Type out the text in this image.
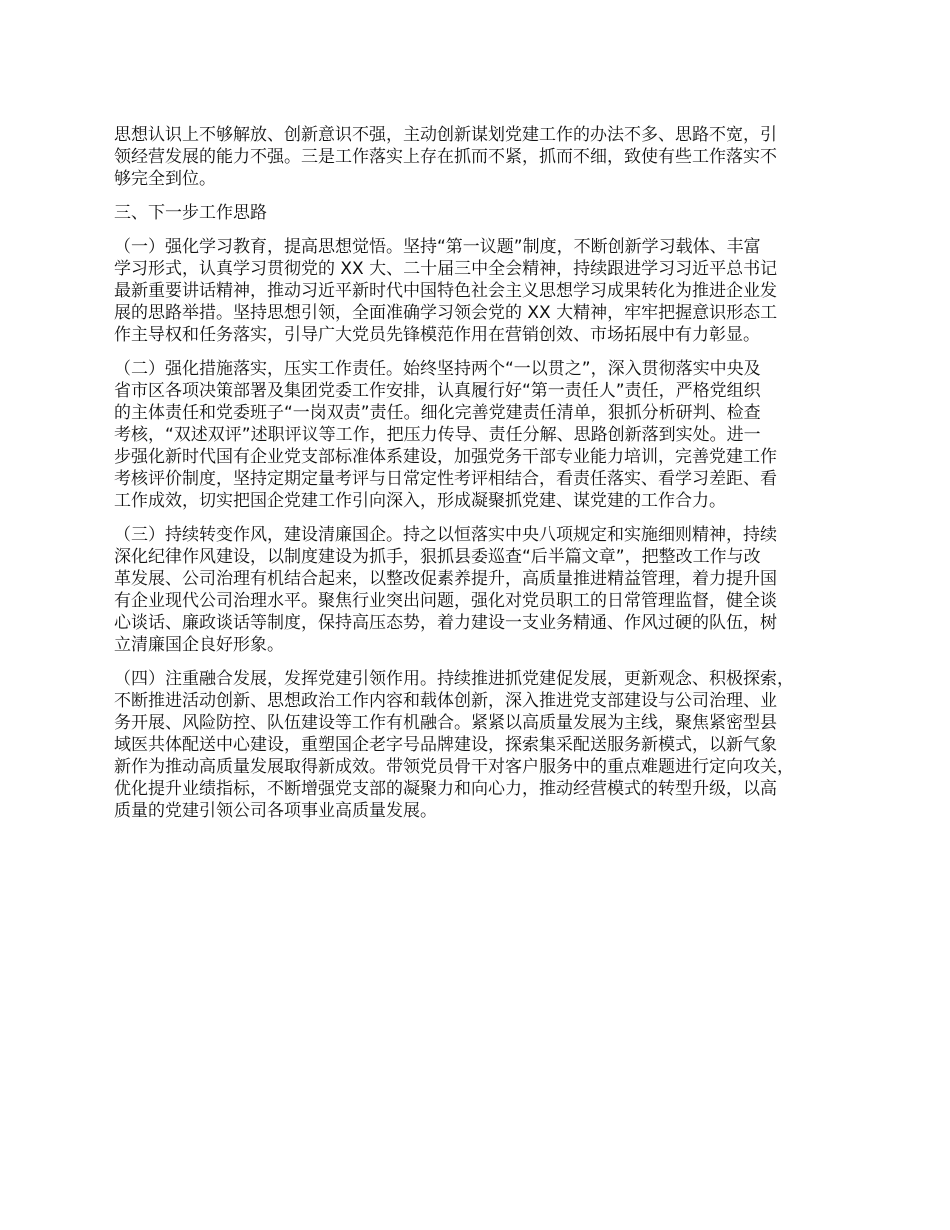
思想认识上不够解放、创新意识不强，主动创新谋划党建工作的办法不多、思路不宽，引
领经营发展的能力不强。三是工作落实上存在抓而不紧，抓而不细，致使有些工作落实不
够完全到位。

三、下一步工作思路

（一）强化学习教育，提高思想觉悟。坚持“第一议题”制度，不断创新学习载体、丰富
学习形式，认真学习贯彻党的 XX 大、二十届三中全会精神，持续跟进学习习近平总书记
最新重要讲话精神，推动习近平新时代中国特色社会主义思想学习成果转化为推进企业发
展的思路举措。坚持思想引领，全面准确学习领会党的 XX 大精神，牢牢把握意识形态工
作主导权和任务落实，引导广大党员先锋模范作用在营销创效、市场拓展中有力彰显。

（二）强化措施落实，压实工作责任。始终坚持两个“一以贯之”，深入贯彻落实中央及
省市区各项决策部署及集团党委工作安排，认真履行好“第一责任人”责任，严格党组织
的主体责任和党委班子“一岗双责”责任。细化完善党建责任清单，狠抓分析研判、检查
考核，“双述双评”述职评议等工作，把压力传导、责任分解、思路创新落到实处。进一
步强化新时代国有企业党支部标准体系建设，加强党务干部专业能力培训，完善党建工作
考核评价制度，坚持定期定量考评与日常定性考评相结合，看责任落实、看学习差距、看
工作成效，切实把国企党建工作引向深入，形成凝聚抓党建、谋党建的工作合力。

（三）持续转变作风，建设清廉国企。持之以恒落实中央八项规定和实施细则精神，持续
深化纪律作风建设，以制度建设为抓手，狠抓县委巡查“后半篇文章”，把整改工作与改
革发展、公司治理有机结合起来，以整改促素养提升，高质量推进精益管理，着力提升国
有企业现代公司治理水平。聚焦行业突出问题，强化对党员职工的日常管理监督，健全谈
心谈话、廉政谈话等制度，保持高压态势，着力建设一支业务精通、作风过硬的队伍，树
立清廉国企良好形象。

（四）注重融合发展，发挥党建引领作用。持续推进抓党建促发展，更新观念、积极探索，
不断推进活动创新、思想政治工作内容和载体创新，深入推进党支部建设与公司治理、业
务开展、风险防控、队伍建设等工作有机融合。紧紧以高质量发展为主线，聚焦紧密型县
域医共体配送中心建设，重塑国企老字号品牌建设，探索集采配送服务新模式，以新气象
新作为推动高质量发展取得新成效。带领党员骨干对客户服务中的重点难题进行定向攻关，
优化提升业绩指标，不断增强党支部的凝聚力和向心力，推动经营模式的转型升级，以高
质量的党建引领公司各项事业高质量发展。
